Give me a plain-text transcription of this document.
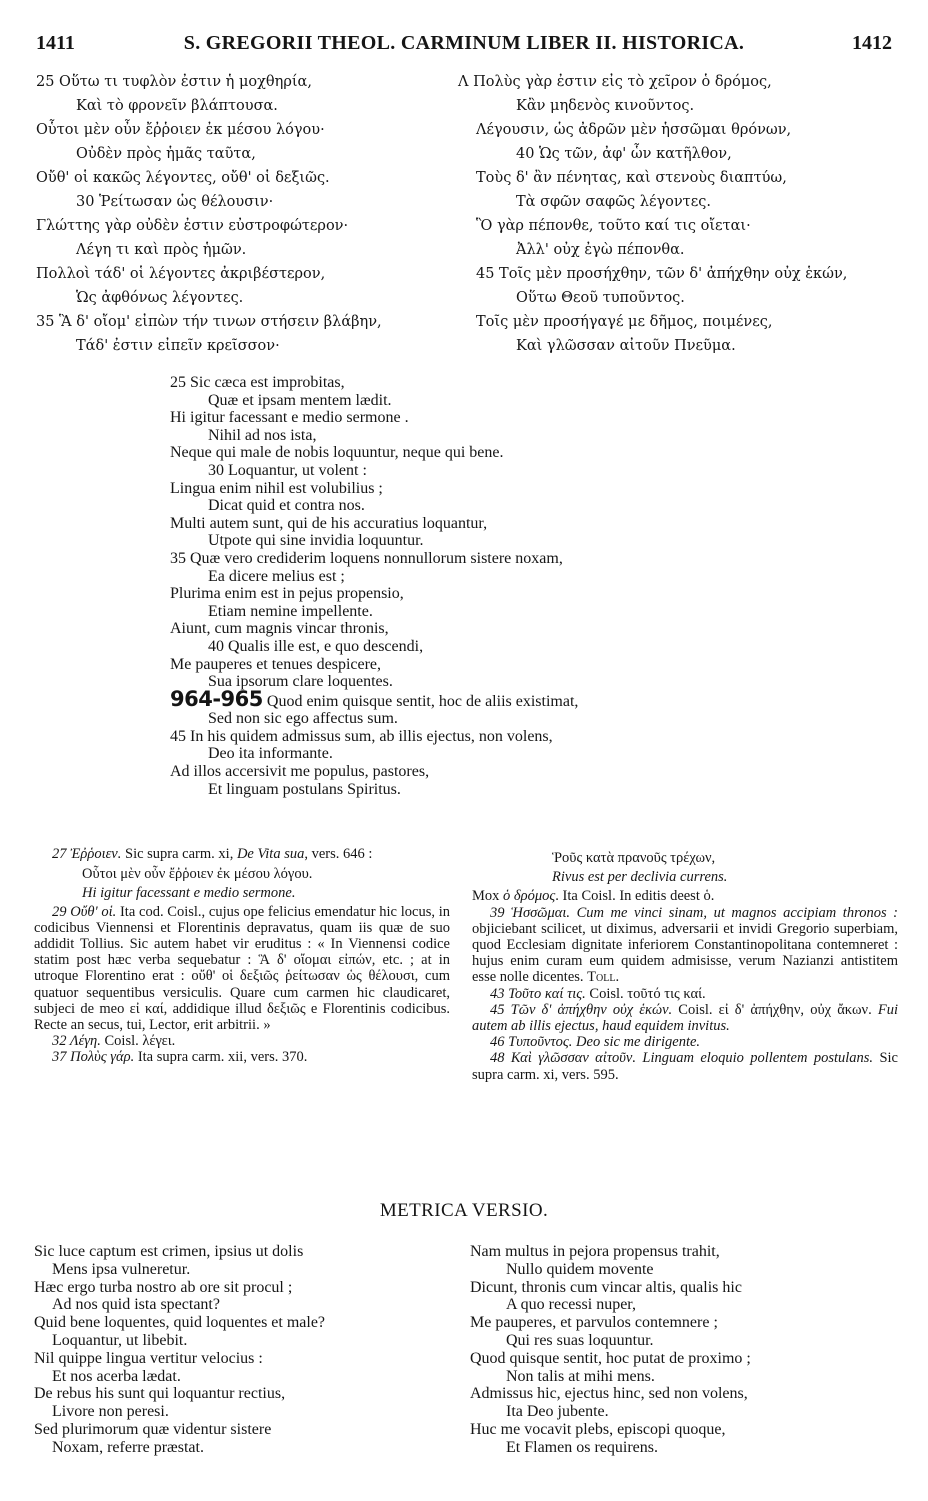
1411	S. GREGORII THEOL. CARMINUM LIBER II. HISTORICA.	1412
25 Οὕτω τι τυφλὸν ἐστιν ἡ μοχθηρία,
Καὶ τὸ φρονεῖν βλάπτουσα.
Οὗτοι μὲν οὖν ἔῤῥοιεν ἐκ μέσου λόγου·
Οὐδὲν πρὸς ἡμᾶς ταῦτα,
Οὔθ' οἱ κακῶς λέγοντες, οὔθ' οἱ δεξιῶς.
30 Ῥείτωσαν ὡς θέλουσιν·
Γλώττης γὰρ οὐδὲν ἐστιν εὐστροφώτερον·
Λέγη τι καὶ πρὸς ἡμῶν.
Πολλοὶ τάδ' οἱ λέγοντες ἀκριβέστερον,
Ὡς ἀφθόνως λέγοντες.
35 Ἃ δ' οἴομ' εἰπὼν τήν τινων στήσειν βλάβην,
Τάδ' ἐστιν εἰπεῖν κρεῖσσον·
Λ Πολὺς γὰρ ἐστιν εἰς τὸ χεῖρον ὁ δρόμος,
Κἂν μηδενὸς κινοῦντος.
Λέγουσιν, ὡς ἀδρῶν μὲν ἡσσῶμαι θρόνων,
40 Ὡς τῶν, ἀφ' ὧν κατῆλθον,
Τοὺς δ' ἂν πένητας, καὶ στενοὺς διαπτύω,
Τὰ σφῶν σαφῶς λέγοντες.
Ὃ γὰρ πέπονθε, τοῦτο καί τις οἴεται·
Ἀλλ' οὐχ ἐγὼ πέπονθα.
45 Τοῖς μὲν προσήχθην, τῶν δ' ἀπήχθην οὐχ ἑκών,
Οὕτω Θεοῦ τυποῦντος.
Τοῖς μὲν προσήγαγέ με δῆμος, ποιμένες,
Καὶ γλῶσσαν αἰτοῦν Πνεῦμα.
25 Sic cæca est improbitas,
Quæ et ipsam mentem lædit.
Hi igitur facessant e medio sermone .
Nihil ad nos ista,
Neque qui male de nobis loquuntur, neque qui bene.
30 Loquantur, ut volent :
Lingua enim nihil est volubilius ;
Dicat quid et contra nos.
Multi autem sunt, qui de his accuratius loquantur,
Utpote qui sine invidia loquuntur.
35 Quæ vero crediderim loquens nonnullorum sistere noxam,
Ea dicere melius est ;
Plurima enim est in pejus propensio,
Etiam nemine impellente.
Aiunt, cum magnis vincar thronis,
40 Qualis ille est, e quo descendi,
Me pauperes et tenues despicere,
Sua ipsorum clare loquentes.
964-965 Quod enim quisque sentit, hoc de aliis existimat,
Sed non sic ego affectus sum.
45 In his quidem admissus sum, ab illis ejectus, non volens,
Deo ita informante.
Ad illos accersivit me populus, pastores,
Et linguam postulans Spiritus.
27 Ἐῤῥοιεν. Sic supra carm. xi, De Vita sua, vers. 646 :
Οὗτοι μὲν οὖν ἔῤῥοιεν ἐκ μέσου λόγου.
Hi igitur facessant e medio sermone.
29 Οὔθ' οἱ. Ita cod. Coisl., cujus ope felicius emendatur hic locus, in codicibus Viennensi et Florentinis depravatus, quam iis quæ de suo addidit Tollius. Sic autem habet vir eruditus : « In Viennensi codice statim post hæc verba sequebatur : Ἃ δ' οἴομαι εἰπών, etc. ; at in utroque Florentino erat : οὔθ' οἱ δεξιῶς ῥείτωσαν ὡς θέλουσι, cum quatuor sequentibus versiculis. Quare cum carmen hic claudicaret, subjeci de meo εἰ καί, addidique illud δεξιῶς e Florentinis codicibus. Recte an secus, tui, Lector, erit arbitrii. »
32 Λέγη. Coisl. λέγει.
37 Πολὺς γάρ. Ita supra carm. xii, vers. 370.
Ῥοῦς κατὰ πρανοῦς τρέχων,
Rivus est per declivia currens.
Mox ὁ δρόμος. Ita Coisl. In editis deest ὁ.
39 Ἡσσῶμαι. Cum me vinci sinam, ut magnos accipiam thronos : objiciebant scilicet, ut diximus, adversarii et invidi Gregorio superbiam, quod Ecclesiam dignitate inferiorem Constantinopolitana contemneret : hujus enim curam eum quidem admisisse, verum Nazianzi antistitem esse nolle dicentes. Toll.
43 Τοῦτο καί τις. Coisl. τοῦτό τις καί.
45 Τῶν δ' ἀπήχθην οὐχ ἑκών. Coisl. εἰ δ' ἀπήχθην, οὐχ ἄκων. Fui autem ab illis ejectus, haud equidem invitus.
46 Τυποῦντος. Deo sic me dirigente.
48 Καὶ γλῶσσαν αἰτοῦν. Linguam eloquio pollentem postulans. Sic supra carm. xi, vers. 595.
METRICA VERSIO.
Sic luce captum est crimen, ipsius ut dolis
Mens ipsa vulneretur.
Hæc ergo turba nostro ab ore sit procul ;
Ad nos quid ista spectant?
Quid bene loquentes, quid loquentes et male?
Loquantur, ut libebit.
Nil quippe lingua vertitur velocius :
Et nos acerba lædat.
De rebus his sunt qui loquantur rectius,
Livore non peresi.
Sed plurimorum quæ videntur sistere
Noxam, referre præstat.
Nam multus in pejora propensus trahit,
Nullo quidem movente
Dicunt, thronis cum vincar altis, qualis hic
A quo recessi nuper,
Me pauperes, et parvulos contemnere ;
Qui res suas loquuntur.
Quod quisque sentit, hoc putat de proximo ;
Non talis at mihi mens.
Admissus hic, ejectus hinc, sed non volens,
Ita Deo jubente.
Huc me vocavit plebs, episcopi quoque,
Et Flamen os requirens.
